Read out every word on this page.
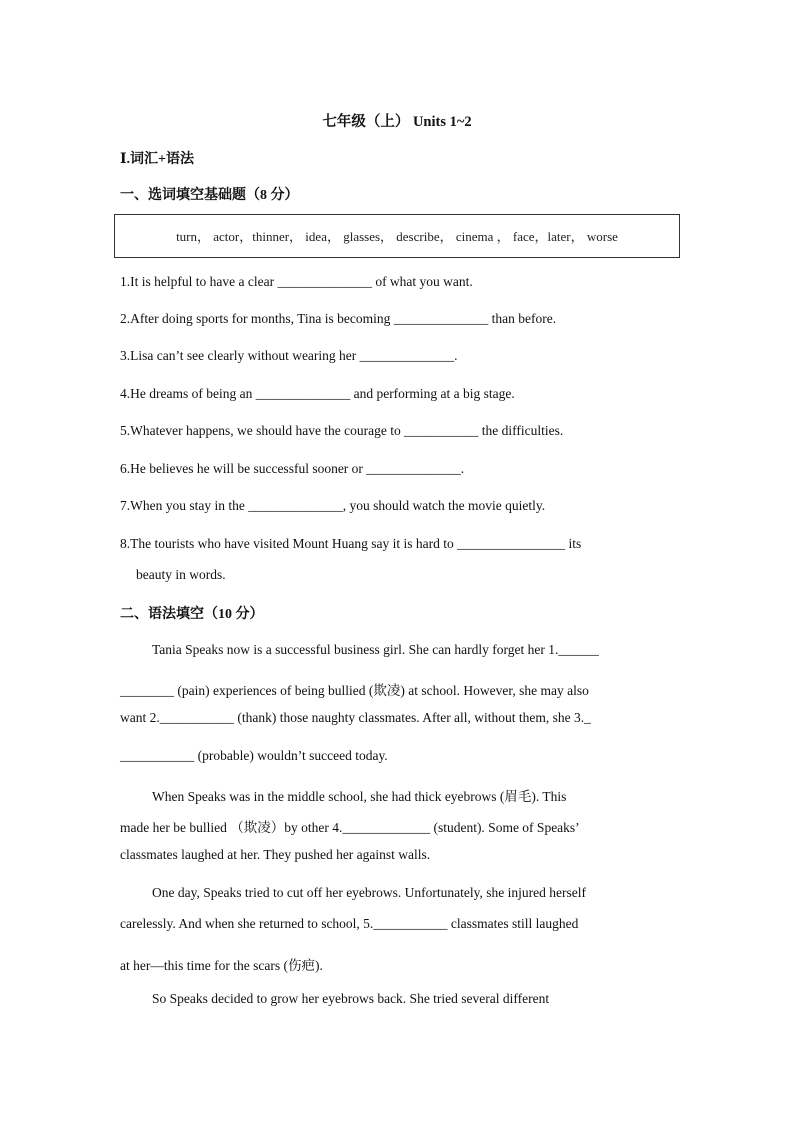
七年级（上） Units 1~2
Ⅰ.词汇+语法
一、选词填空基础题（8 分）
turn， actor，thinner， idea， glasses， describe， cinema ， face，later， worse
1.It is helpful to have a clear ______________ of what you want.
2.After doing sports for months, Tina is becoming ______________ than before.
3.Lisa can’t see clearly without wearing her ______________.
4.He dreams of being an ______________ and performing at a big stage.
5.Whatever happens, we should have the courage to ___________ the difficulties.
6.He believes he will be successful sooner or ______________.
7.When you stay in the ______________, you should watch the movie quietly.
8.The tourists who have visited Mount Huang say it is hard to ________________ its
beauty in words.
二、语法填空（10 分）
Tania Speaks now is a successful business girl. She can hardly forget her 1.______
________ (pain) experiences of being bullied (欺凌) at school. However, she may also
want 2.___________ (thank) those naughty classmates. After all, without them, she 3._
___________ (probable) wouldn’t succeed today.
When Speaks was in the middle school, she had thick eyebrows (眉毛). This
made her be bullied （欺凌）by other 4._____________ (student). Some of Speaks’
classmates laughed at her. They pushed her against walls.
One day, Speaks tried to cut off her eyebrows. Unfortunately, she injured herself
carelessly. And when she returned to school, 5.___________ classmates still laughed
at her—this time for the scars (伤疤).
So Speaks decided to grow her eyebrows back. She tried several different
